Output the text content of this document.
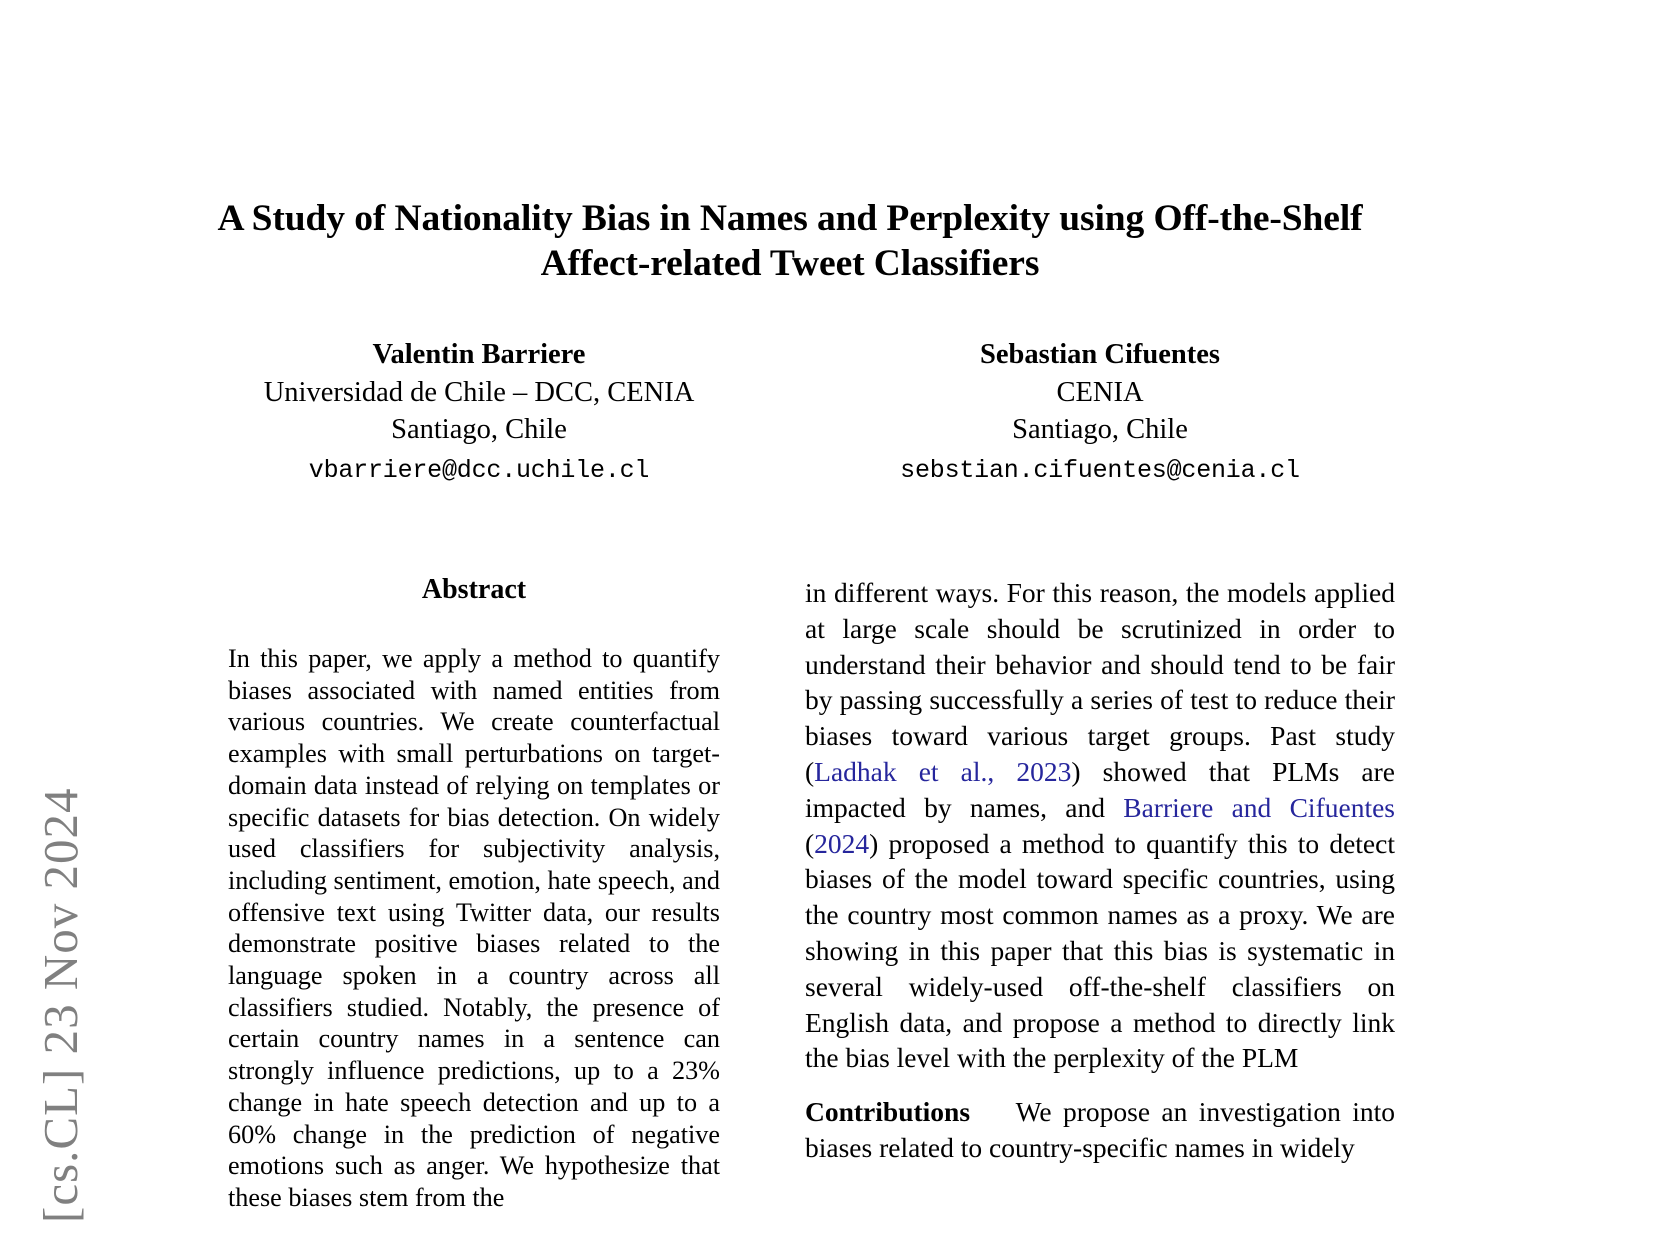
[cs.CL] 23 Nov 2024
A Study of Nationality Bias in Names and Perplexity using Off-the-Shelf Affect-related Tweet Classifiers
Valentin Barriere
Universidad de Chile – DCC, CENIA
Santiago, Chile
vbarriere@dcc.uchile.cl
Sebastian Cifuentes
CENIA
Santiago, Chile
sebstian.cifuentes@cenia.cl
Abstract

In this paper, we apply a method to quantify biases associated with named entities from various countries. We create counterfactual examples with small perturbations on target-domain data instead of relying on templates or specific datasets for bias detection. On widely used classifiers for subjectivity analysis, including sentiment, emotion, hate speech, and offensive text using Twitter data, our results demonstrate positive biases related to the language spoken in a country across all classifiers studied. Notably, the presence of certain country names in a sentence can strongly influence predictions, up to a 23% change in hate speech detection and up to a 60% change in the prediction of negative emotions such as anger. We hypothesize that these biases stem from the

in different ways. For this reason, the models applied at large scale should be scrutinized in order to understand their behavior and should tend to be fair by passing successfully a series of test to reduce their biases toward various target groups. Past study (Ladhak et al., 2023) showed that PLMs are impacted by names, and Barriere and Cifuentes (2024) proposed a method to quantify this to detect biases of the model toward specific countries, using the country most common names as a proxy. We are showing in this paper that this bias is systematic in several widely-used off-the-shelf classifiers on English data, and propose a method to directly link the bias level with the perplexity of the PLM

Contributions We propose an investigation into biases related to country-specific names in widely
